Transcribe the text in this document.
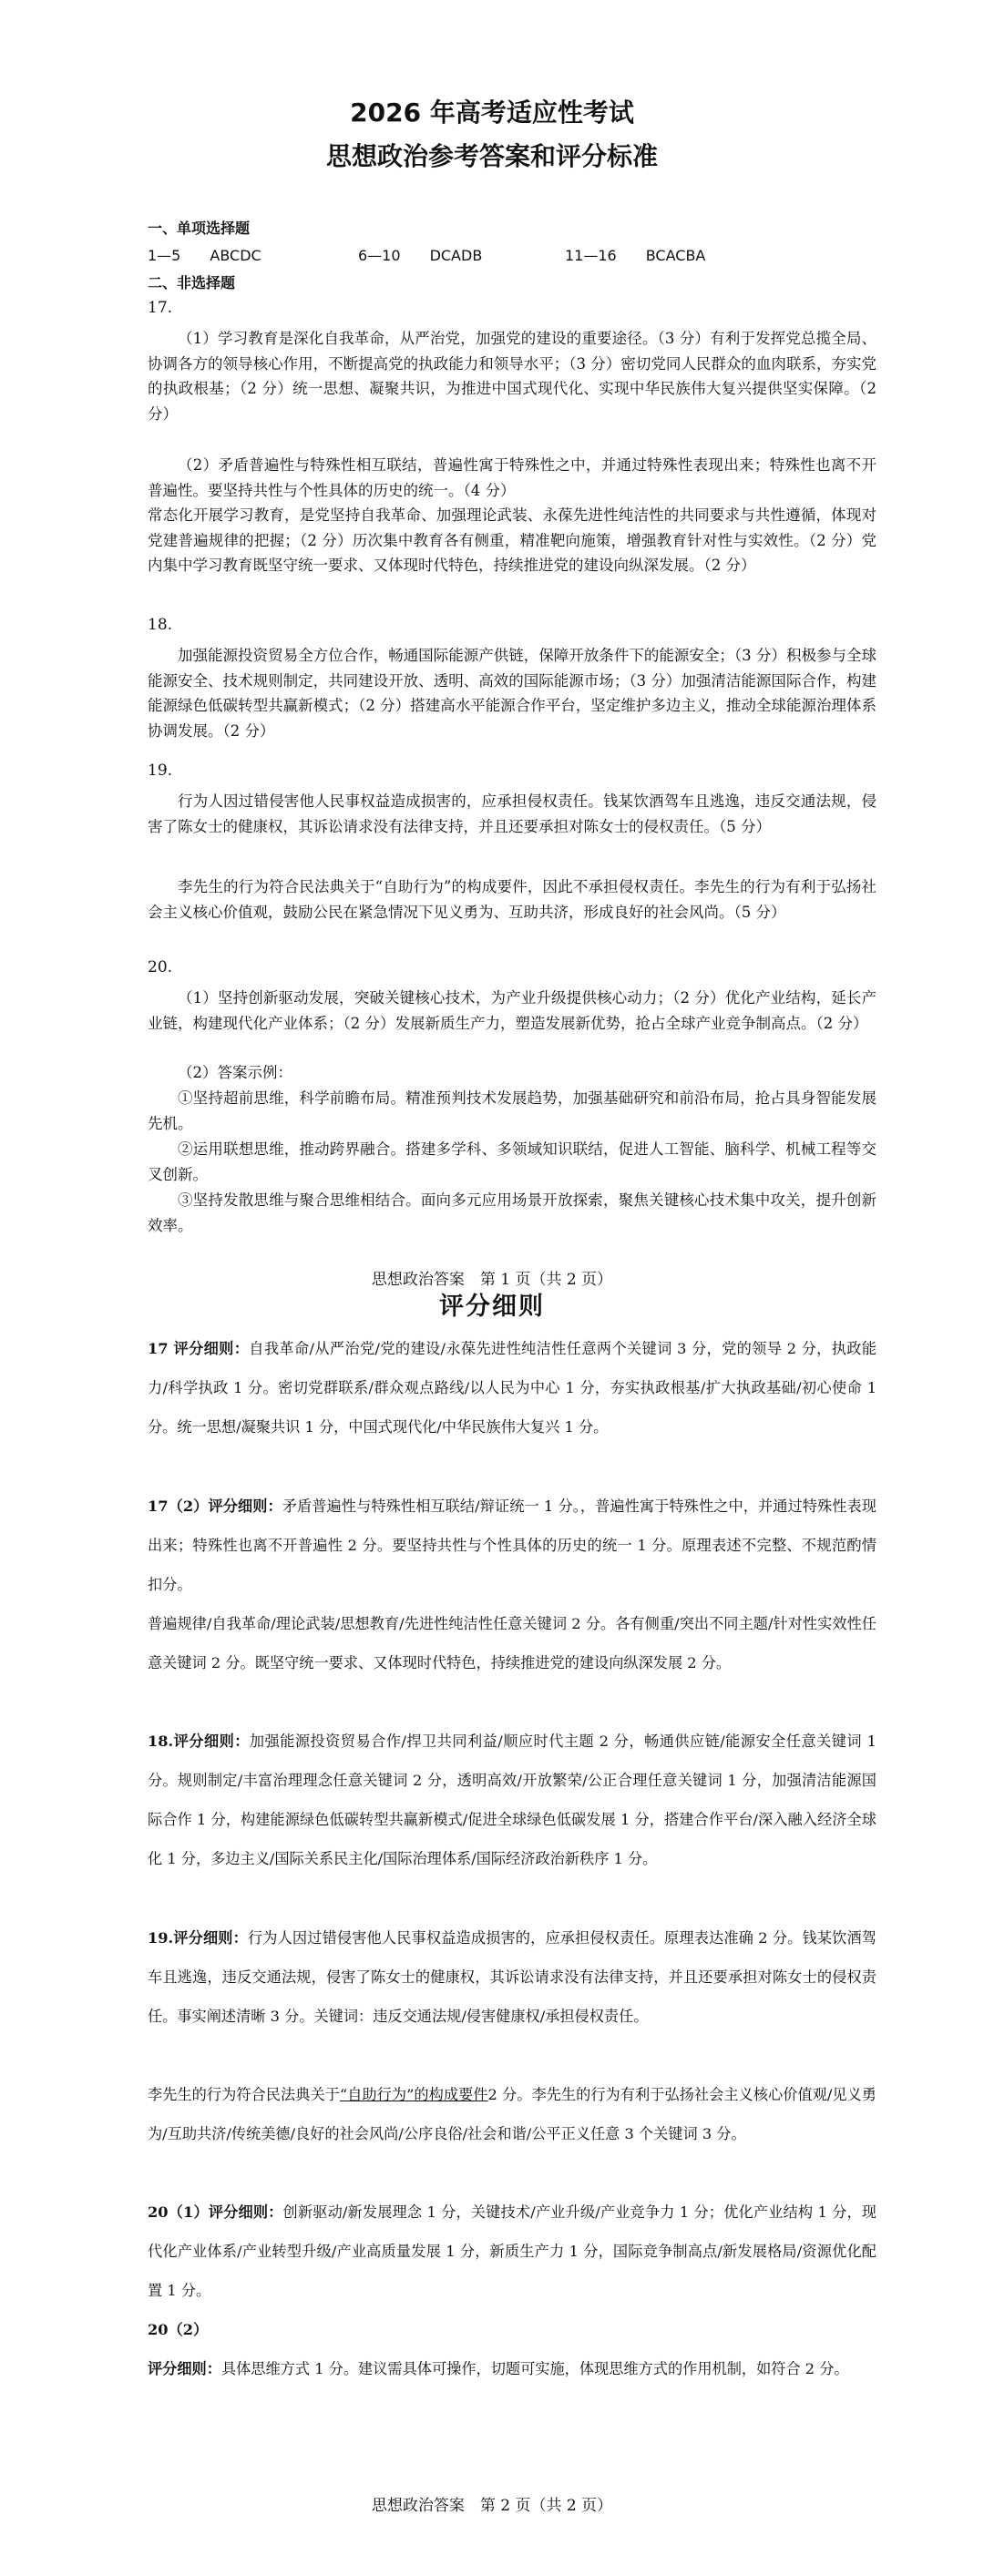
2026 年高考适应性考试
思想政治参考答案和评分标准
一、单项选择题
1—5　　 ABCDC	6—10　　 DCADB	11—16　　 BCACBA
二、非选择题
17.

（1）学习教育是深化自我革命，从严治党，加强党的建设的重要途径。（3 分）有利于发挥党总揽全局、协调各方的领导核心作用，不断提高党的执政能力和领导水平；（3 分）密切党同人民群众的血肉联系，夯实党的执政根基；（2 分）统一思想、凝聚共识，为推进中国式现代化、实现中华民族伟大复兴提供坚实保障。（2 分）

（2）矛盾普遍性与特殊性相互联结，普遍性寓于特殊性之中，并通过特殊性表现出来；特殊性也离不开普遍性。要坚持共性与个性具体的历史的统一。（4 分）

常态化开展学习教育，是党坚持自我革命、加强理论武装、永葆先进性纯洁性的共同要求与共性遵循，体现对党建普遍规律的把握；（2 分）历次集中教育各有侧重，精准靶向施策，增强教育针对性与实效性。（2 分）党内集中学习教育既坚守统一要求、又体现时代特色，持续推进党的建设向纵深发展。（2 分）

18.

加强能源投资贸易全方位合作，畅通国际能源产供链，保障开放条件下的能源安全；（3 分）积极参与全球能源安全、技术规则制定，共同建设开放、透明、高效的国际能源市场；（3 分）加强清洁能源国际合作，构建能源绿色低碳转型共赢新模式；（2 分）搭建高水平能源合作平台，坚定维护多边主义，推动全球能源治理体系协调发展。（2 分）

19.

行为人因过错侵害他人民事权益造成损害的，应承担侵权责任。钱某饮酒驾车且逃逸，违反交通法规，侵害了陈女士的健康权，其诉讼请求没有法律支持，并且还要承担对陈女士的侵权责任。（5 分）

李先生的行为符合民法典关于“自助行为”的构成要件，因此不承担侵权责任。李先生的行为有利于弘扬社会主义核心价值观，鼓励公民在紧急情况下见义勇为、互助共济，形成良好的社会风尚。（5 分）

20.

（1）坚持创新驱动发展，突破关键核心技术，为产业升级提供核心动力；（2 分）优化产业结构，延长产业链，构建现代化产业体系；（2 分）发展新质生产力，塑造发展新优势，抢占全球产业竞争制高点。（2 分）

（2）答案示例：

①坚持超前思维，科学前瞻布局。精准预判技术发展趋势，加强基础研究和前沿布局，抢占具身智能发展先机。

②运用联想思维，推动跨界融合。搭建多学科、多领域知识联结，促进人工智能、脑科学、机械工程等交叉创新。

③坚持发散思维与聚合思维相结合。面向多元应用场景开放探索，聚焦关键核心技术集中攻关，提升创新效率。

思想政治答案　第 1 页（共 2 页）
评分细则

17 评分细则：自我革命/从严治党/党的建设/永葆先进性纯洁性任意两个关键词 3 分，党的领导 2 分，执政能力/科学执政 1 分。密切党群联系/群众观点路线/以人民为中心 1 分，夯实执政根基/扩大执政基础/初心使命 1 分。统一思想/凝聚共识 1 分，中国式现代化/中华民族伟大复兴 1 分。

17（2）评分细则：矛盾普遍性与特殊性相互联结/辩证统一 1 分。，普遍性寓于特殊性之中，并通过特殊性表现出来；特殊性也离不开普遍性 2 分。要坚持共性与个性具体的历史的统一 1 分。原理表述不完整、不规范酌情扣分。

普遍规律/自我革命/理论武装/思想教育/先进性纯洁性任意关键词 2 分。各有侧重/突出不同主题/针对性实效性任意关键词 2 分。既坚守统一要求、又体现时代特色，持续推进党的建设向纵深发展 2 分。

18.评分细则：加强能源投资贸易合作/捍卫共同利益/顺应时代主题 2 分，畅通供应链/能源安全任意关键词 1 分。规则制定/丰富治理理念任意关键词 2 分，透明高效/开放繁荣/公正合理任意关键词 1 分，加强清洁能源国际合作 1 分，构建能源绿色低碳转型共赢新模式/促进全球绿色低碳发展 1 分，搭建合作平台/深入融入经济全球化 1 分，多边主义/国际关系民主化/国际治理体系/国际经济政治新秩序 1 分。

19.评分细则：行为人因过错侵害他人民事权益造成损害的，应承担侵权责任。原理表达准确 2 分。钱某饮酒驾车且逃逸，违反交通法规，侵害了陈女士的健康权，其诉讼请求没有法律支持，并且还要承担对陈女士的侵权责任。事实阐述清晰 3 分。关键词：违反交通法规/侵害健康权/承担侵权责任。

李先生的行为符合民法典关于“自助行为”的构成要件2 分。李先生的行为有利于弘扬社会主义核心价值观/见义勇为/互助共济/传统美德/良好的社会风尚/公序良俗/社会和谐/公平正义任意 3 个关键词 3 分。

20（1）评分细则：创新驱动/新发展理念 1 分，关键技术/产业升级/产业竞争力 1 分；优化产业结构 1 分，现代化产业体系/产业转型升级/产业高质量发展 1 分，新质生产力 1 分，国际竞争制高点/新发展格局/资源优化配置 1 分。

20（2）

评分细则：具体思维方式 1 分。建议需具体可操作，切题可实施，体现思维方式的作用机制，如符合 2 分。

思想政治答案　第 2 页（共 2 页）
